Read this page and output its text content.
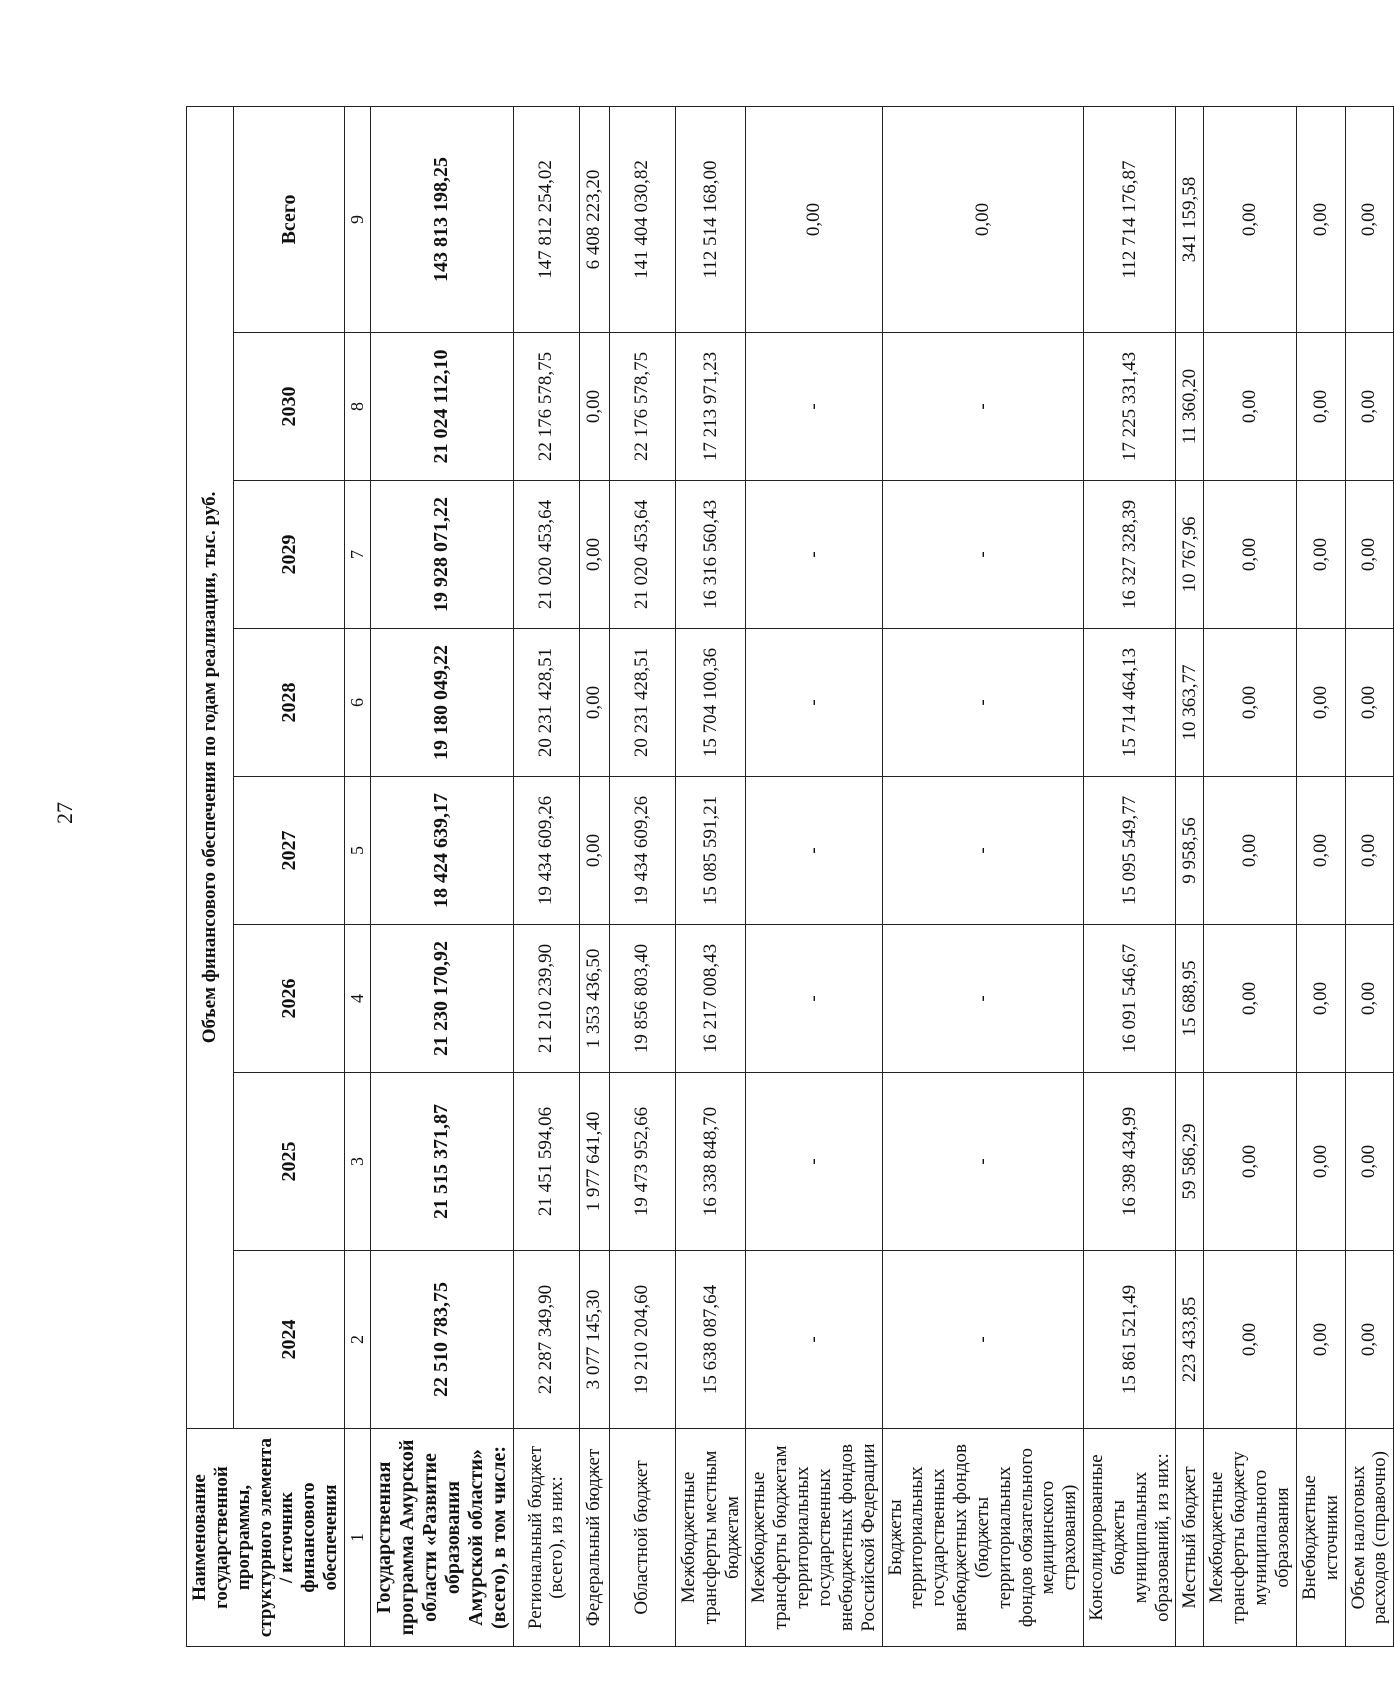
27
Наименование государственной программы, структурного элемента / источник финансового обеспечения	Объем финансового обеспечения по годам реализации, тыс. руб.							
	2024	2025	2026	2027	2028	2029	2030	Всего
1	2	3	4	5	6	7	8	9
Государственная программа Амурской области «Развитие образования Амурской области» (всего), в том числе:	22 510 783,75	21 515 371,87	21 230 170,92	18 424 639,17	19 180 049,22	19 928 071,22	21 024 112,10	143 813 198,25
Региональный бюджет (всего), из них:	22 287 349,90	21 451 594,06	21 210 239,90	19 434 609,26	20 231 428,51	21 020 453,64	22 176 578,75	147 812 254,02
Федеральный бюджет	3 077 145,30	1 977 641,40	1 353 436,50	0,00	0,00	0,00	0,00	6 408 223,20
Областной бюджет	19 210 204,60	19 473 952,66	19 856 803,40	19 434 609,26	20 231 428,51	21 020 453,64	22 176 578,75	141 404 030,82
Межбюджетные трансферты местным бюджетам	15 638 087,64	16 338 848,70	16 217 008,43	15 085 591,21	15 704 100,36	16 316 560,43	17 213 971,23	112 514 168,00
Межбюджетные трансферты бюджетам территориальных государственных внебюджетных фондов Российской Федерации	-	-	-	-	-	-	-	0,00
Бюджеты территориальных государственных внебюджетных фондов (бюджеты территориальных фондов обязательного медицинского страхования)	-	-	-	-	-	-	-	0,00
Консолидированные бюджеты муниципальных образований, из них:	15 861 521,49	16 398 434,99	16 091 546,67	15 095 549,77	15 714 464,13	16 327 328,39	17 225 331,43	112 714 176,87
Местный бюджет	223 433,85	59 586,29	15 688,95	9 958,56	10 363,77	10 767,96	11 360,20	341 159,58
Межбюджетные трансферты бюджету муниципального образования	0,00	0,00	0,00	0,00	0,00	0,00	0,00	0,00
Внебюджетные источники	0,00	0,00	0,00	0,00	0,00	0,00	0,00	0,00
Объем налоговых расходов (справочно)	0,00	0,00	0,00	0,00	0,00	0,00	0,00	0,00
